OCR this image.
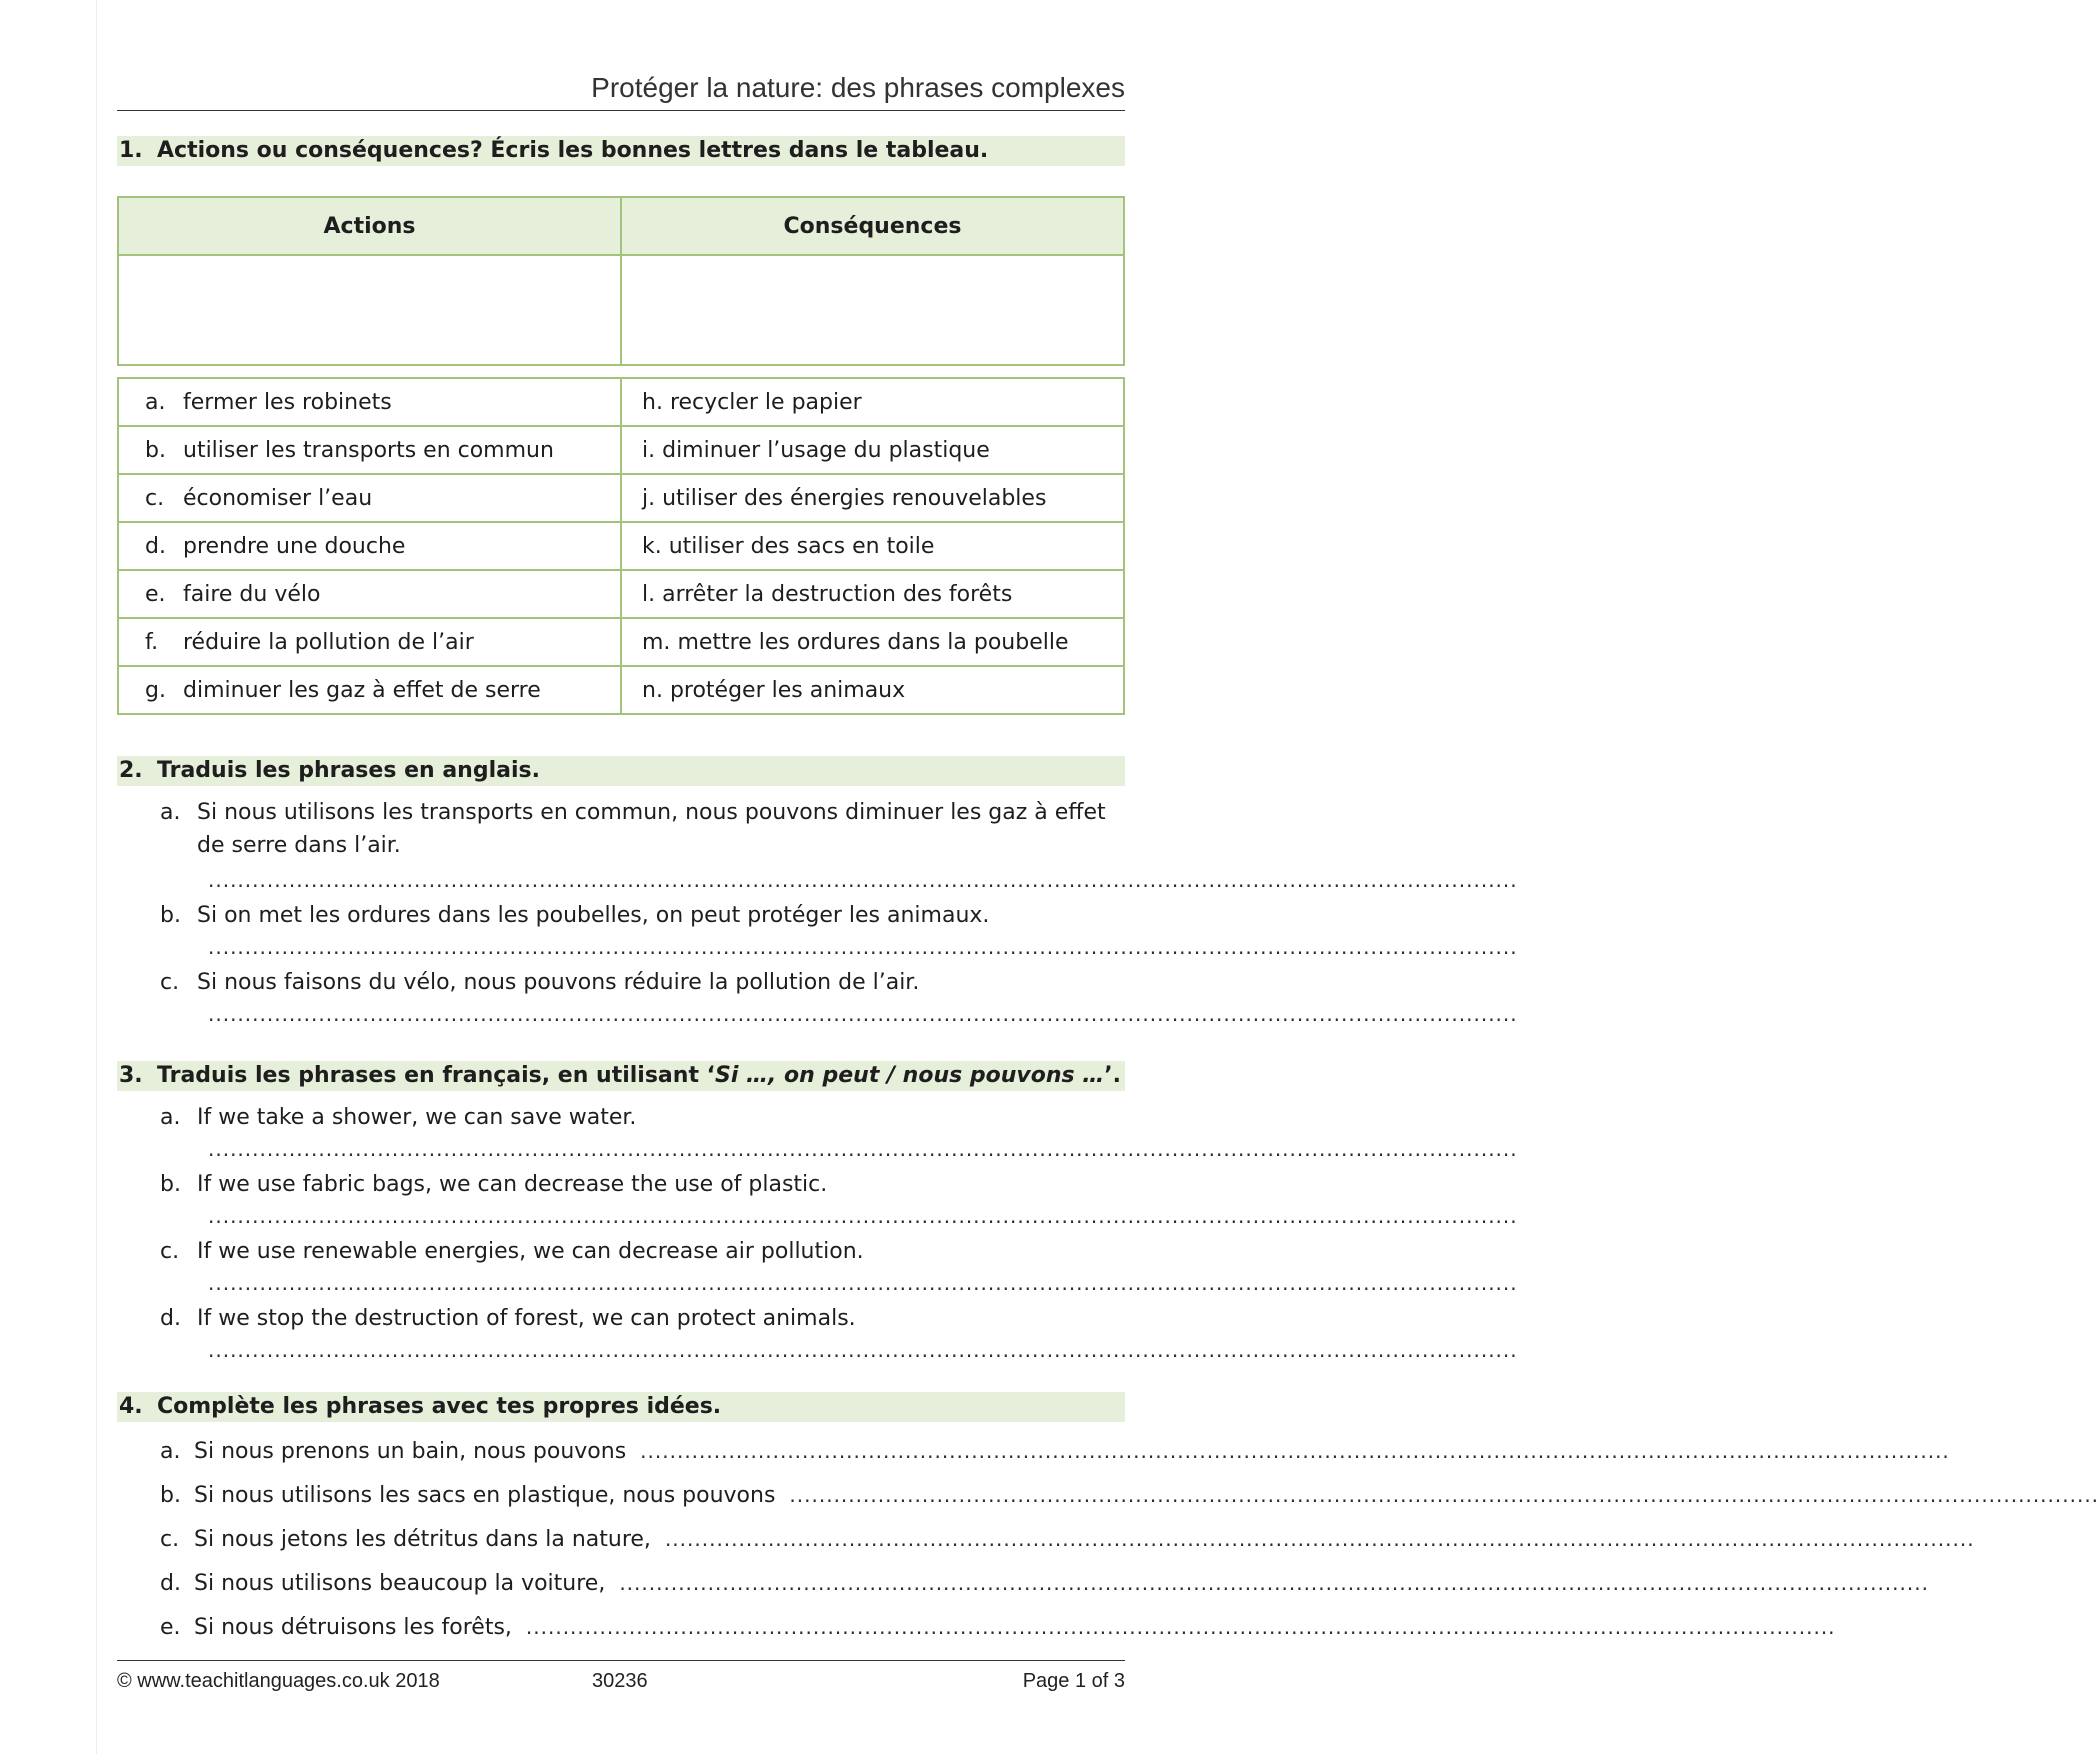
Protéger la nature: des phrases complexes
1. Actions ou conséquences? Écris les bonnes lettres dans le tableau.
Actions	Conséquences

a. fermer les robinets	h. recycler le papier
b. utiliser les transports en commun	i. diminuer l’usage du plastique
c. économiser l’eau	j. utiliser des énergies renouvelables
d. prendre une douche	k. utiliser des sacs en toile
e. faire du vélo	l. arrêter la destruction des forêts
f. réduire la pollution de l’air	m. mettre les ordures dans la poubelle
g. diminuer les gaz à effet de serre	n. protéger les animaux
2. Traduis les phrases en anglais.
a. Si nous utilisons les transports en commun, nous pouvons diminuer les gaz à effet
de serre dans l’air.
..................................................................................................................................................................................
b. Si on met les ordures dans les poubelles, on peut protéger les animaux.
..................................................................................................................................................................................
c. Si nous faisons du vélo, nous pouvons réduire la pollution de l’air.
..................................................................................................................................................................................
3. Traduis les phrases en français, en utilisant ‘Si …, on peut / nous pouvons …’.
a. If we take a shower, we can save water.
..................................................................................................................................................................................
b. If we use fabric bags, we can decrease the use of plastic.
..................................................................................................................................................................................
c. If we use renewable energies, we can decrease air pollution.
..................................................................................................................................................................................
d. If we stop the destruction of forest, we can protect animals.
..................................................................................................................................................................................
4. Complète les phrases avec tes propres idées.
a. Si nous prenons un bain, nous pouvons ..................................................................................................................................................................................
b. Si nous utilisons les sacs en plastique, nous pouvons ..................................................................................................................................................................................
c. Si nous jetons les détritus dans la nature, ..................................................................................................................................................................................
d. Si nous utilisons beaucoup la voiture, ..................................................................................................................................................................................
e. Si nous détruisons les forêts, ..................................................................................................................................................................................
© www.teachitlanguages.co.uk 2018	30236	Page 1 of 3
